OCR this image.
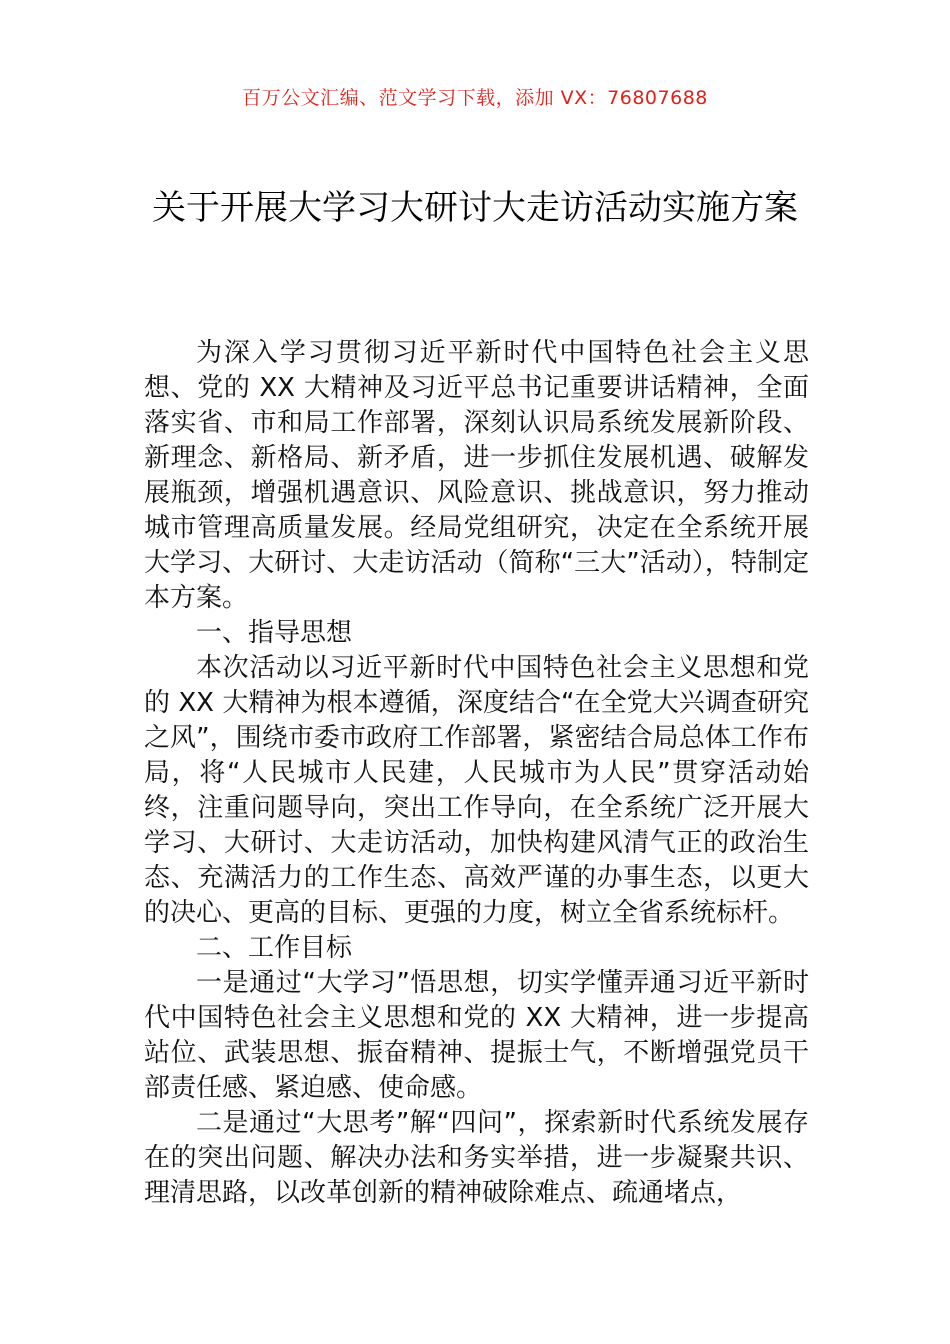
百万公文汇编、范文学习下载，添加 VX：76807688
关于开展大学习大研讨大走访活动实施方案

为深入学习贯彻习近平新时代中国特色社会主义思想、党的 XX 大精神及习近平总书记重要讲话精神，全面落实省、市和局工作部署，深刻认识局系统发展新阶段、新理念、新格局、新矛盾，进一步抓住发展机遇、破解发展瓶颈，增强机遇意识、风险意识、挑战意识，努力推动城市管理高质量发展。经局党组研究，决定在全系统开展大学习、大研讨、大走访活动（简称“三大”活动），特制定本方案。

一、指导思想

本次活动以习近平新时代中国特色社会主义思想和党的 XX 大精神为根本遵循，深度结合“在全党大兴调查研究之风”，围绕市委市政府工作部署，紧密结合局总体工作布局，将“人民城市人民建，人民城市为人民”贯穿活动始终，注重问题导向，突出工作导向，在全系统广泛开展大学习、大研讨、大走访活动，加快构建风清气正的政治生态、充满活力的工作生态、高效严谨的办事生态，以更大的决心、更高的目标、更强的力度，树立全省系统标杆。

二、工作目标

一是通过“大学习”悟思想，切实学懂弄通习近平新时代中国特色社会主义思想和党的 XX 大精神，进一步提高站位、武装思想、振奋精神、提振士气，不断增强党员干部责任感、紧迫感、使命感。

二是通过“大思考”解“四问”，探索新时代系统发展存在的突出问题、解决办法和务实举措，进一步凝聚共识、理清思路，以改革创新的精神破除难点、疏通堵点，
